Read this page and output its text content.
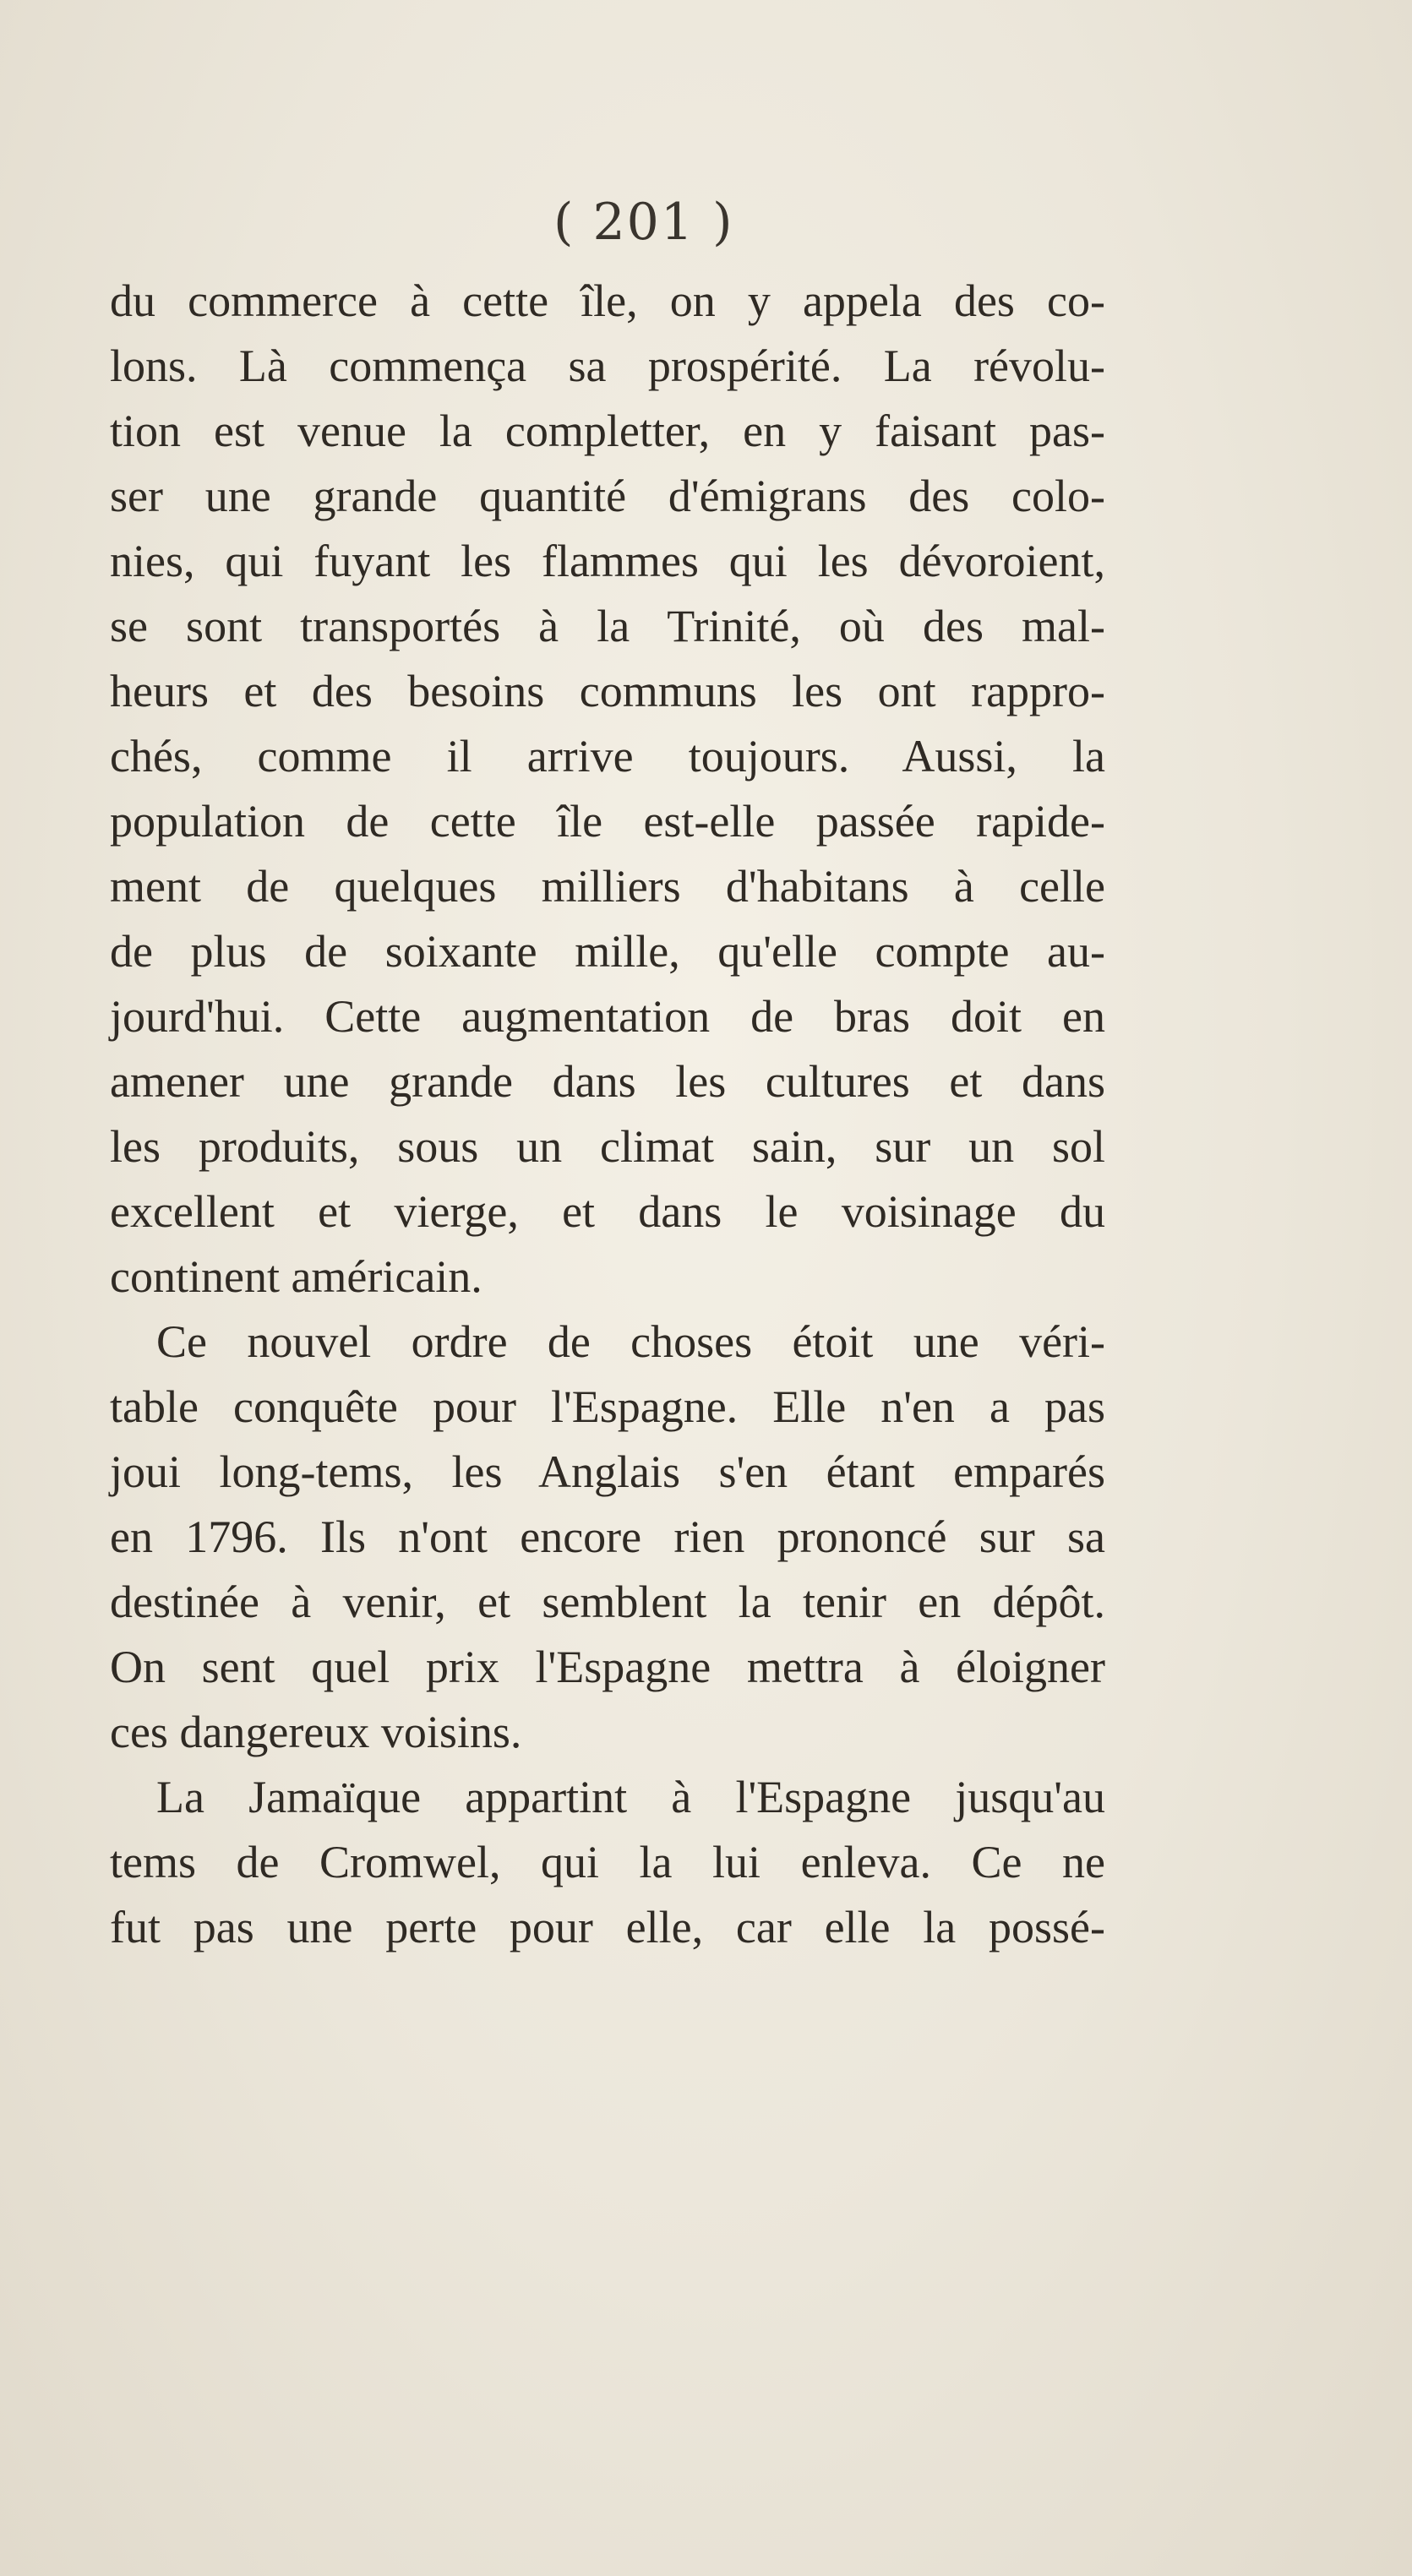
( 201 )
du commerce à cette île, on y appela des co-
lons. Là commença sa prospérité. La révolu-
tion est venue la completter, en y faisant pas-
ser une grande quantité d'émigrans des colo-
nies, qui fuyant les flammes qui les dévoroient,
se sont transportés à la Trinité, où des mal-
heurs et des besoins communs les ont rappro-
chés, comme il arrive toujours. Aussi, la
population de cette île est-elle passée rapide-
ment de quelques milliers d'habitans à celle
de plus de soixante mille, qu'elle compte au-
jourd'hui. Cette augmentation de bras doit en
amener une grande dans les cultures et dans
les produits, sous un climat sain, sur un sol
excellent et vierge, et dans le voisinage du
continent américain.
Ce nouvel ordre de choses étoit une véri-
table conquête pour l'Espagne. Elle n'en a pas
joui long-tems, les Anglais s'en étant emparés
en 1796. Ils n'ont encore rien prononcé sur sa
destinée à venir, et semblent la tenir en dépôt.
On sent quel prix l'Espagne mettra à éloigner
ces dangereux voisins.
La Jamaïque appartint à l'Espagne jusqu'au
tems de Cromwel, qui la lui enleva. Ce ne
fut pas une perte pour elle, car elle la possé-
